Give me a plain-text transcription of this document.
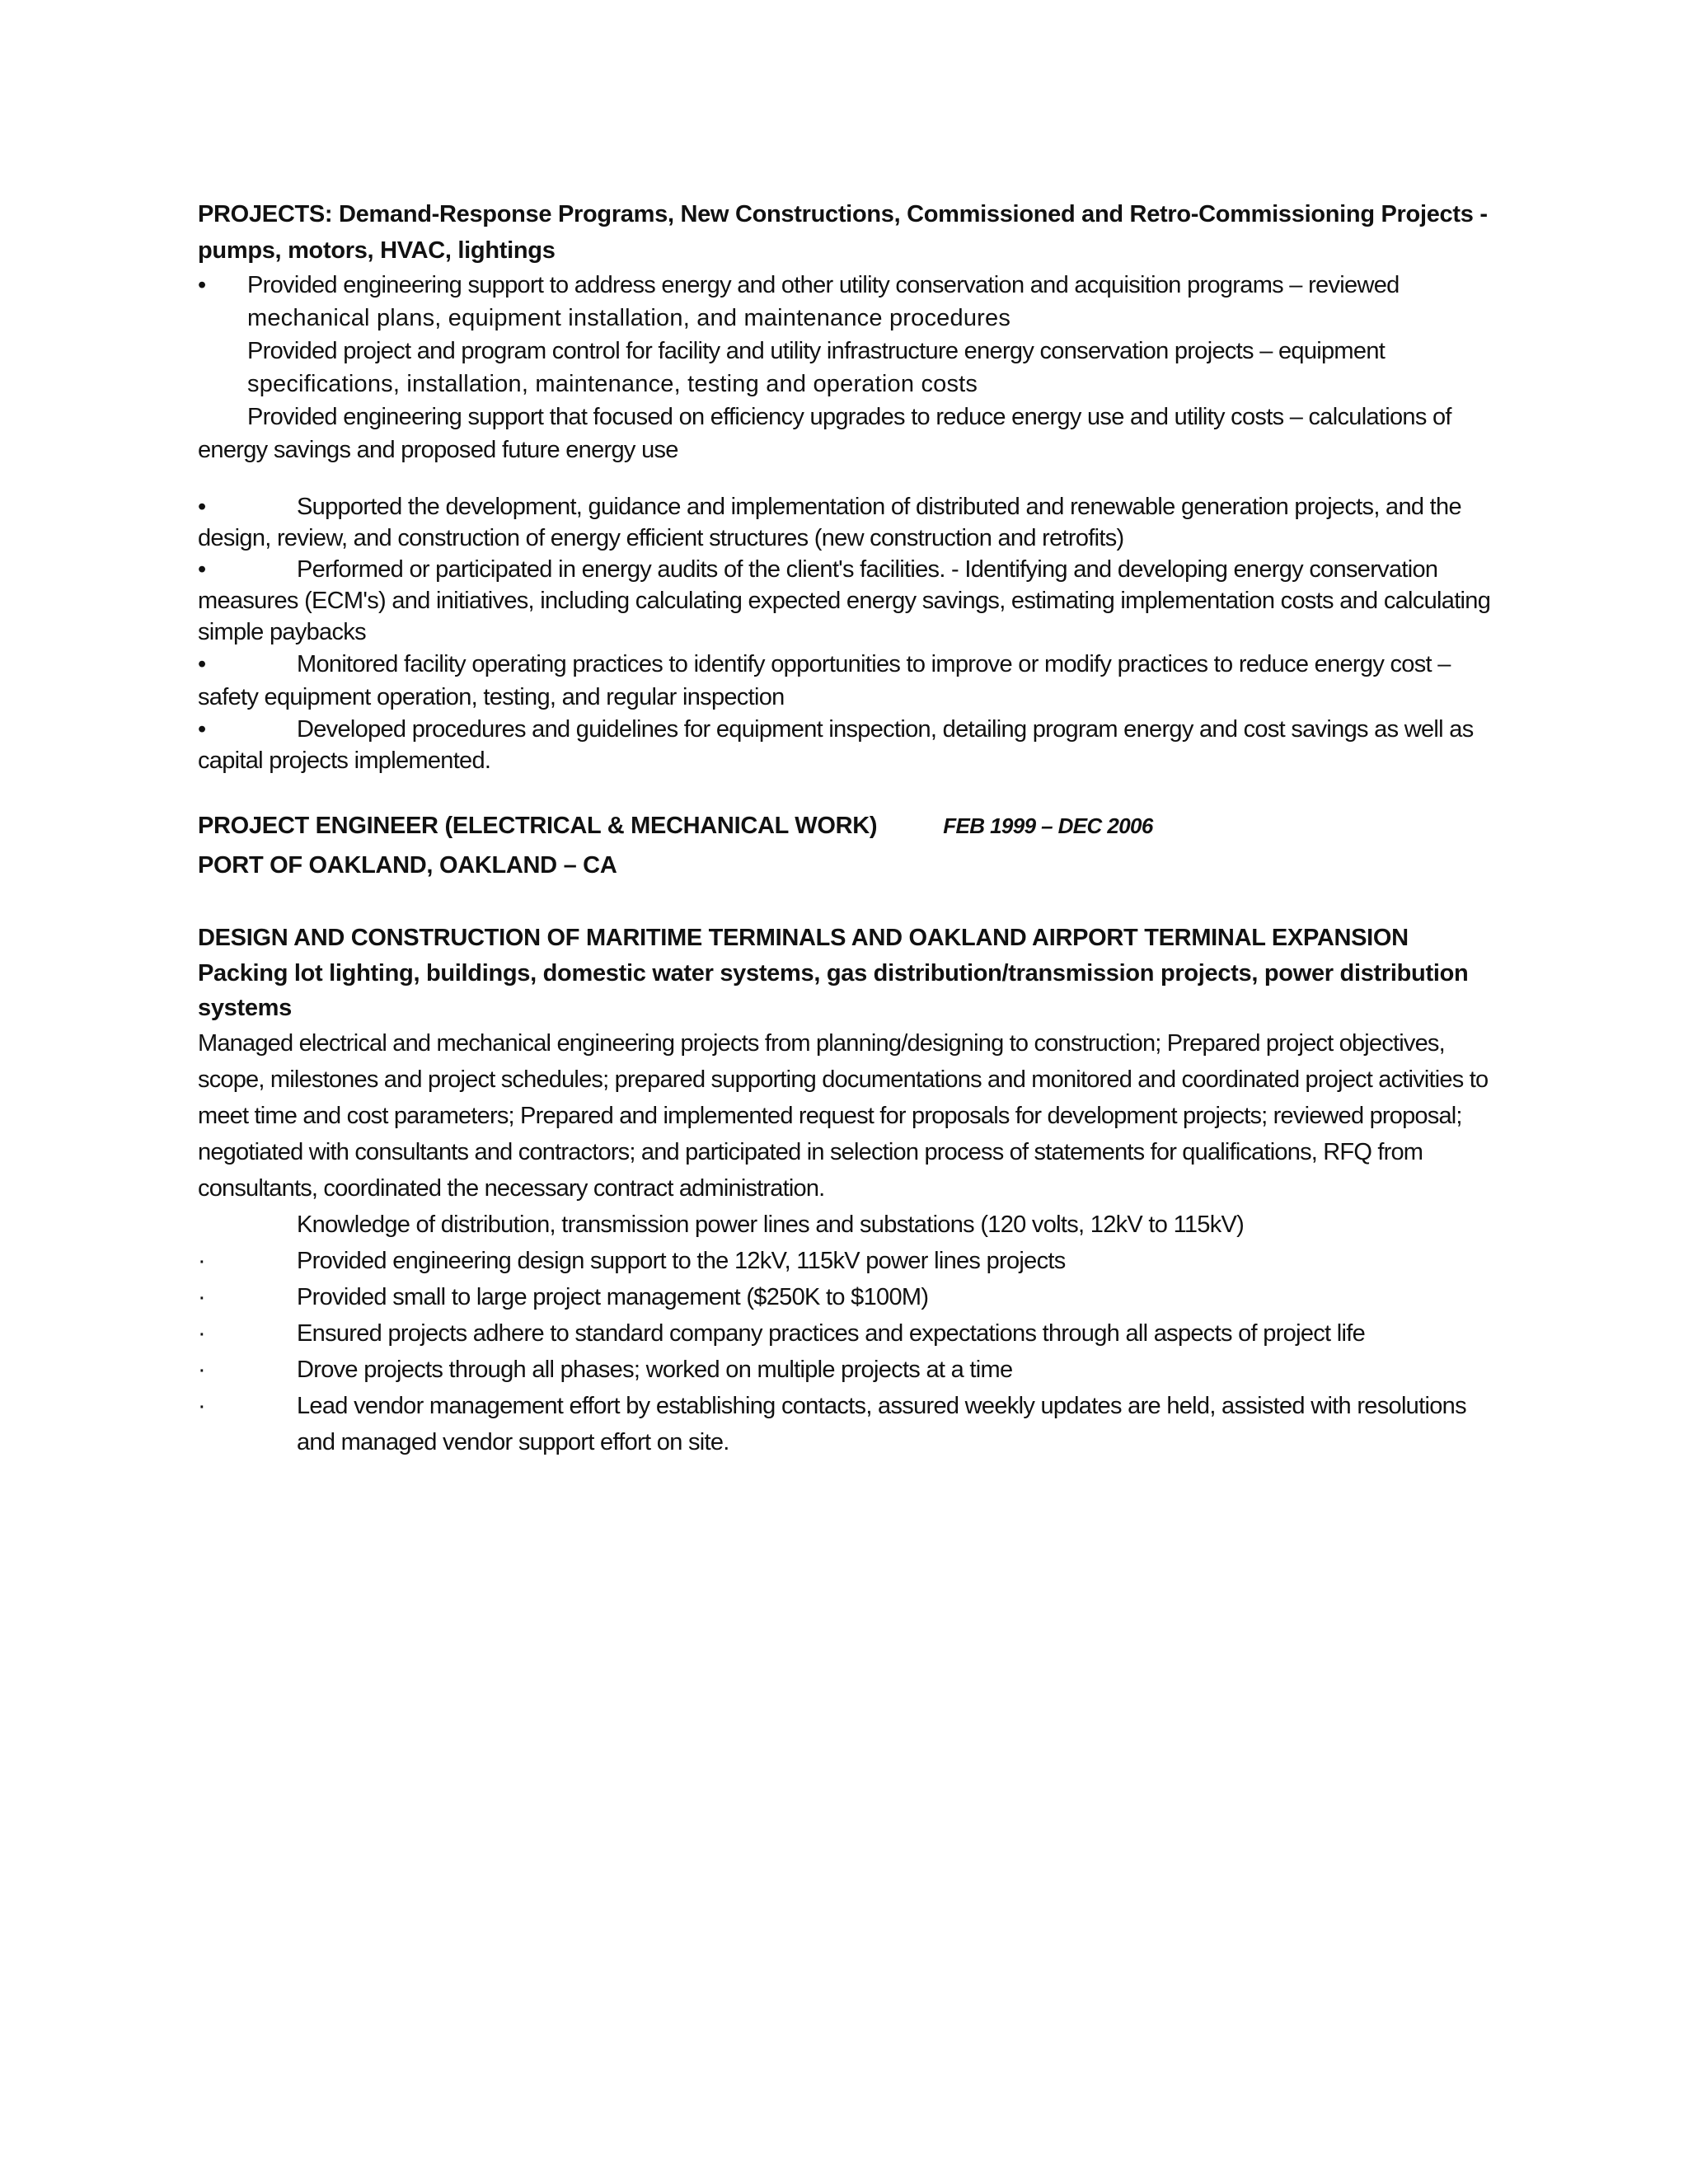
PROJECTS: Demand-Response Programs, New Constructions, Commissioned and Retro-Commissioning Projects - pumps, motors, HVAC, lightings
•	Provided engineering support to address energy and other utility conservation and acquisition programs – reviewed
mechanical plans, equipment installation, and maintenance procedures
Provided project and program control for facility and utility infrastructure energy conservation projects – equipment
specifications, installation, maintenance, testing and operation costs
Provided engineering support that focused on efficiency upgrades to reduce energy use and utility costs – calculations of energy savings and proposed future energy use
•	Supported the development, guidance and implementation of distributed and renewable generation projects, and the design, review, and construction of energy efficient structures (new construction and retrofits)
•	Performed or participated in energy audits of the client's facilities. - Identifying and developing energy conservation measures (ECM's) and initiatives, including calculating expected energy savings, estimating implementation costs and calculating simple paybacks
•	Monitored facility operating practices to identify opportunities to improve or modify practices to reduce energy cost – safety equipment operation, testing, and regular inspection
•	Developed procedures and guidelines for equipment inspection, detailing program energy and cost savings as well as capital projects implemented.
PROJECT ENGINEER (ELECTRICAL & MECHANICAL WORK)	FEB 1999 – DEC 2006
PORT OF OAKLAND, OAKLAND – CA
DESIGN AND CONSTRUCTION OF MARITIME TERMINALS AND OAKLAND AIRPORT TERMINAL EXPANSION
Packing lot lighting, buildings, domestic water systems, gas distribution/transmission projects, power distribution systems
Managed electrical and mechanical engineering projects from planning/designing to construction; Prepared project objectives, scope, milestones and project schedules; prepared supporting documentations and monitored and coordinated project activities to meet time and cost parameters; Prepared and implemented request for proposals for development projects; reviewed proposal; negotiated with consultants and contractors; and participated in selection process of statements for qualifications, RFQ from consultants, coordinated the necessary contract administration.
Knowledge of distribution, transmission power lines and substations (120 volts, 12kV to 115kV)
·	Provided engineering design support to the 12kV, 115kV power lines projects
·	Provided small to large project management ($250K to $100M)
·	Ensured projects adhere to standard company practices and expectations through all aspects of project life
·	Drove projects through all phases; worked on multiple projects at a time
·	Lead vendor management effort by establishing contacts, assured weekly updates are held, assisted with resolutions and managed vendor support effort on site.
